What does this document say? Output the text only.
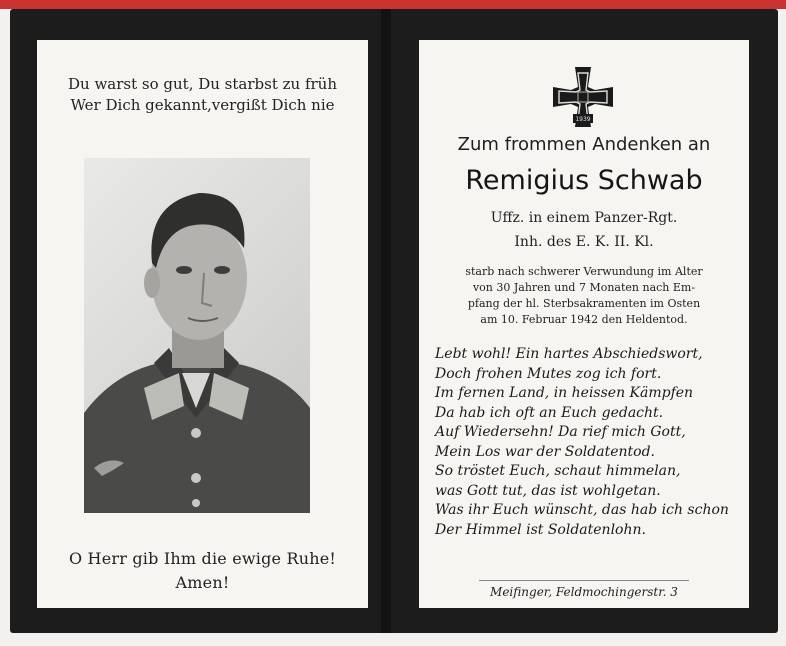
Du warst so gut, Du starbst zu früh
Wer Dich gekannt,vergißt Dich nie
O Herr gib Ihm die ewige Ruhe!
Amen!
1939
Zum frommen Andenken an
Remigius Schwab
Uffz. in einem Panzer-Rgt.
Inh. des E. K. II. Kl.
starb nach schwerer Verwundung im Alter
von 30 Jahren und 7 Monaten nach Em-
pfang der hl. Sterbsakramenten im Osten
am 10. Februar 1942 den Heldentod.
Lebt wohl! Ein hartes Abschiedswort,
Doch frohen Mutes zog ich fort.
Im fernen Land, in heissen Kämpfen
Da hab ich oft an Euch gedacht.
Auf Wiedersehn! Da rief mich Gott,
Mein Los war der Soldatentod.
So tröstet Euch, schaut himmelan,
was Gott tut, das ist wohlgetan.
Was ihr Euch wünscht, das hab ich schon
Der Himmel ist Soldatenlohn.
Meifinger, Feldmochingerstr. 3
